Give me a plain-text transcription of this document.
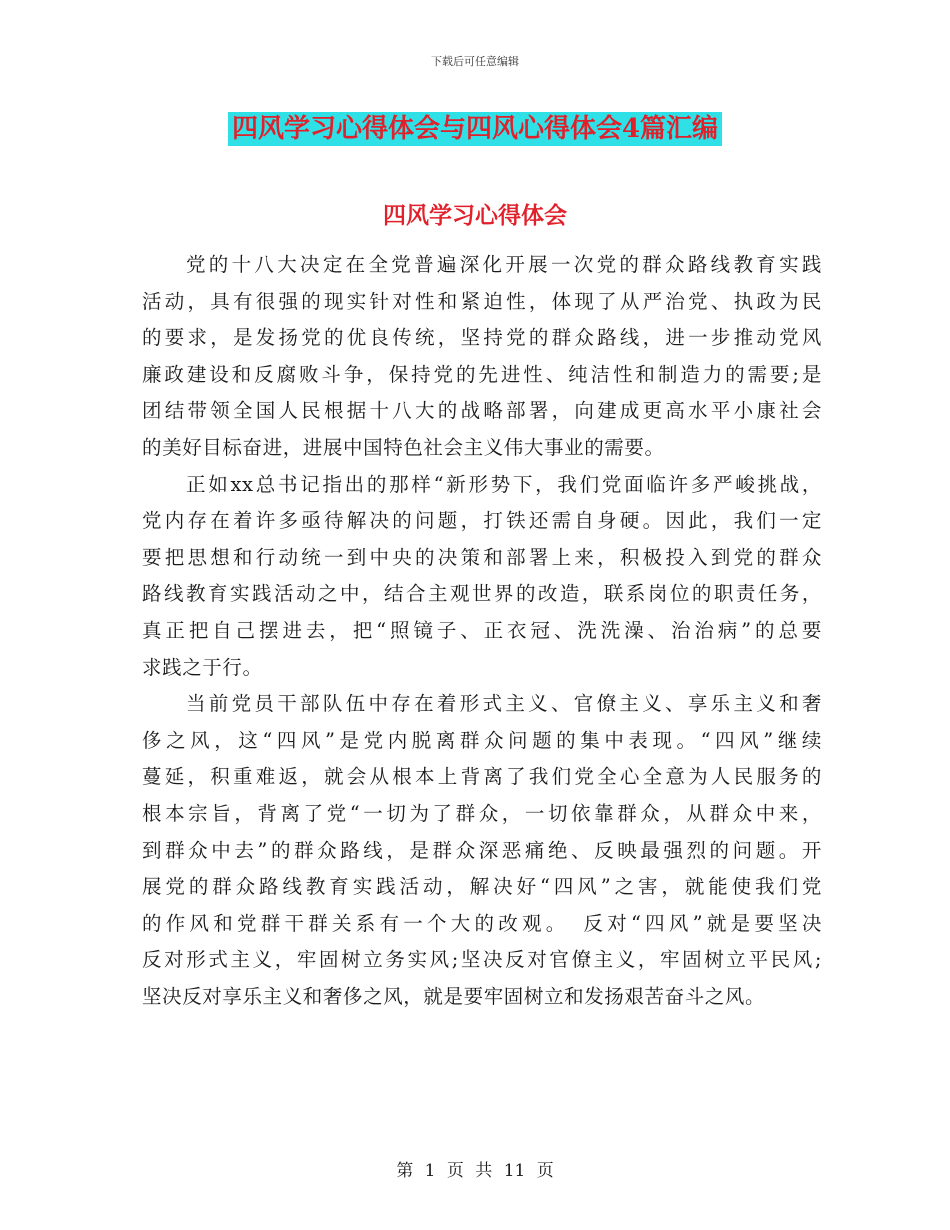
下载后可任意编辑
四风学习心得体会与四风心得体会4篇汇编
四风学习心得体会
党的十八大决定在全党普遍深化开展一次党的群众路线教育实践
活动，具有很强的现实针对性和紧迫性，体现了从严治党、执政为民
的要求，是发扬党的优良传统，坚持党的群众路线，进一步推动党风
廉政建设和反腐败斗争，保持党的先进性、纯洁性和制造力的需要;是
团结带领全国人民根据十八大的战略部署，向建成更高水平小康社会
的美好目标奋进，进展中国特色社会主义伟大事业的需要。
正如xx总书记指出的那样“新形势下，我们党面临许多严峻挑战，
党内存在着许多亟待解决的问题，打铁还需自身硬。因此，我们一定
要把思想和行动统一到中央的决策和部署上来，积极投入到党的群众
路线教育实践活动之中，结合主观世界的改造，联系岗位的职责任务，
真正把自己摆进去，把“照镜子、正衣冠、洗洗澡、治治病”的总要
求践之于行。
当前党员干部队伍中存在着形式主义、官僚主义、享乐主义和奢
侈之风，这“四风”是党内脱离群众问题的集中表现。“四风”继续
蔓延，积重难返，就会从根本上背离了我们党全心全意为人民服务的
根本宗旨，背离了党“一切为了群众，一切依靠群众，从群众中来，
到群众中去”的群众路线，是群众深恶痛绝、反映最强烈的问题。开
展党的群众路线教育实践活动，解决好“四风”之害，就能使我们党
的作风和党群干群关系有一个大的改观。　反对“四风”就是要坚决
反对形式主义，牢固树立务实风;坚决反对官僚主义，牢固树立平民风;
坚决反对享乐主义和奢侈之风，就是要牢固树立和发扬艰苦奋斗之风。
第 1 页 共 11 页
